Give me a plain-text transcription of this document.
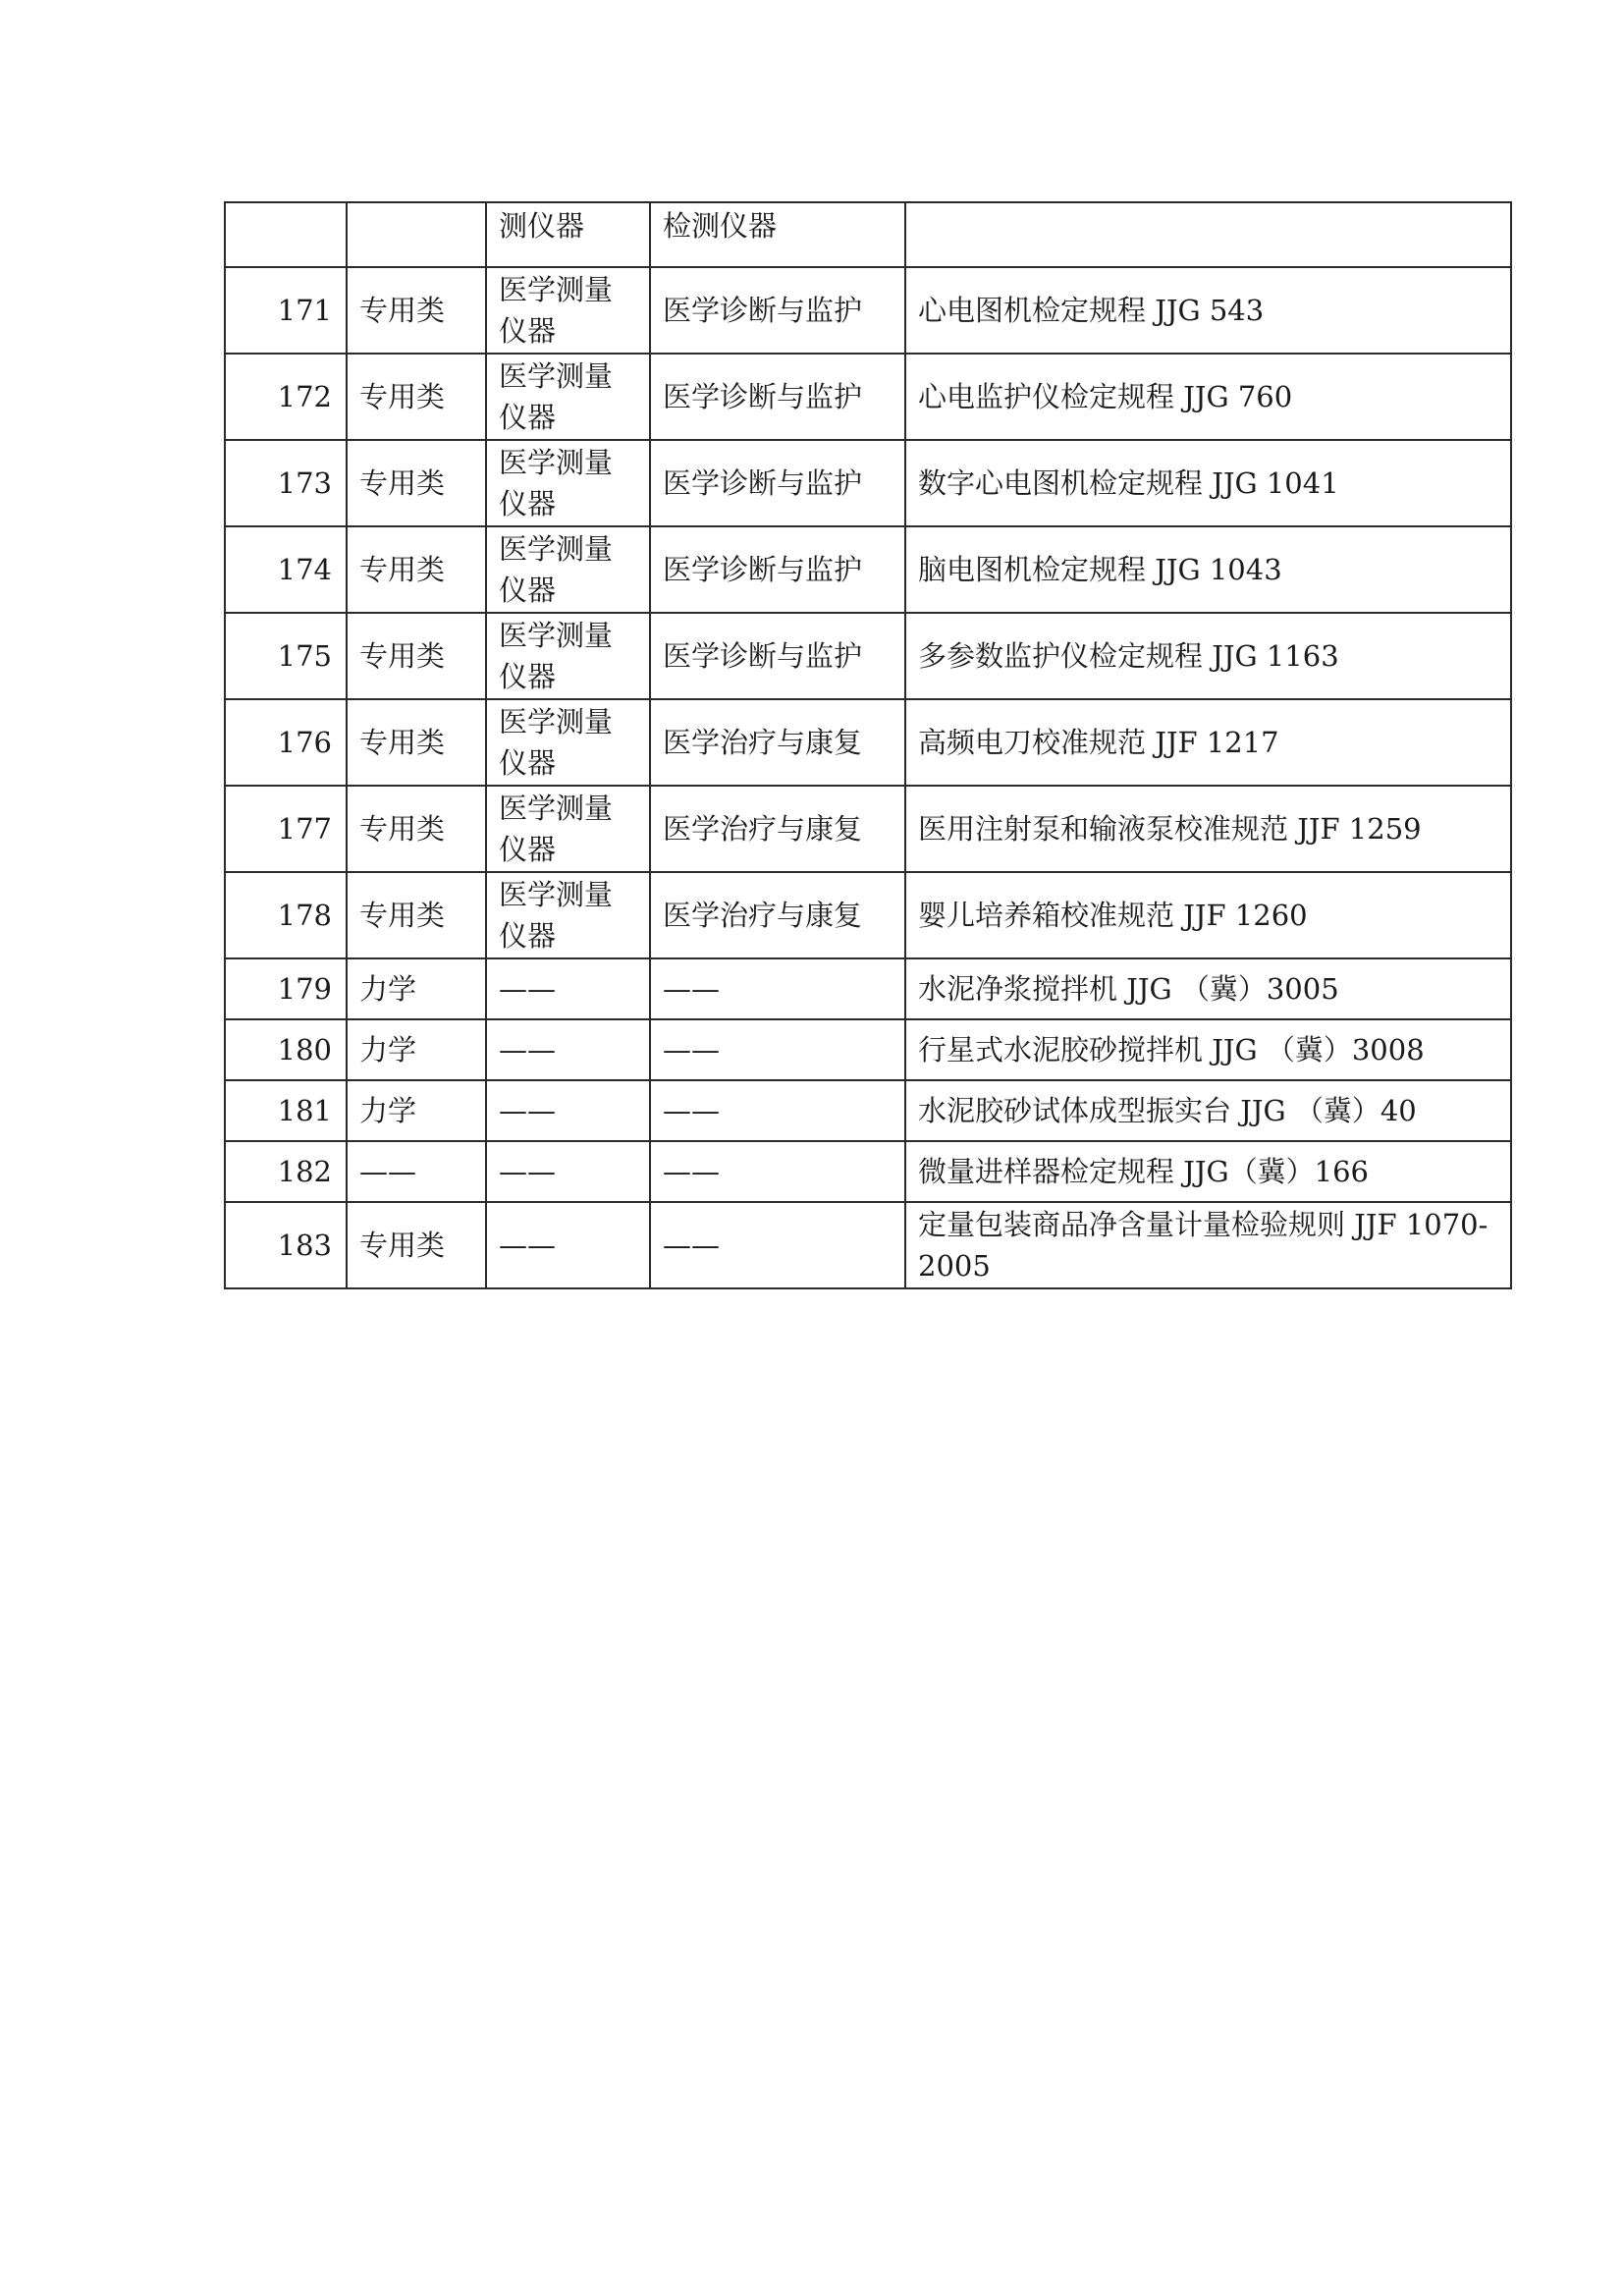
		测仪器	检测仪器	
171	专用类	医学测量仪器	医学诊断与监护	心电图机检定规程 JJG 543
172	专用类	医学测量仪器	医学诊断与监护	心电监护仪检定规程 JJG 760
173	专用类	医学测量仪器	医学诊断与监护	数字心电图机检定规程 JJG 1041
174	专用类	医学测量仪器	医学诊断与监护	脑电图机检定规程 JJG 1043
175	专用类	医学测量仪器	医学诊断与监护	多参数监护仪检定规程 JJG 1163
176	专用类	医学测量仪器	医学治疗与康复	高频电刀校准规范 JJF 1217
177	专用类	医学测量仪器	医学治疗与康复	医用注射泵和输液泵校准规范 JJF 1259
178	专用类	医学测量仪器	医学治疗与康复	婴儿培养箱校准规范 JJF 1260
179	力学	——	——	水泥净浆搅拌机 JJG （冀）3005
180	力学	——	——	行星式水泥胶砂搅拌机 JJG （冀）3008
181	力学	——	——	水泥胶砂试体成型振实台 JJG （冀）40
182	——	——	——	微量进样器检定规程 JJG（冀）166
183	专用类	——	——	定量包装商品净含量计量检验规则 JJF 1070-2005
